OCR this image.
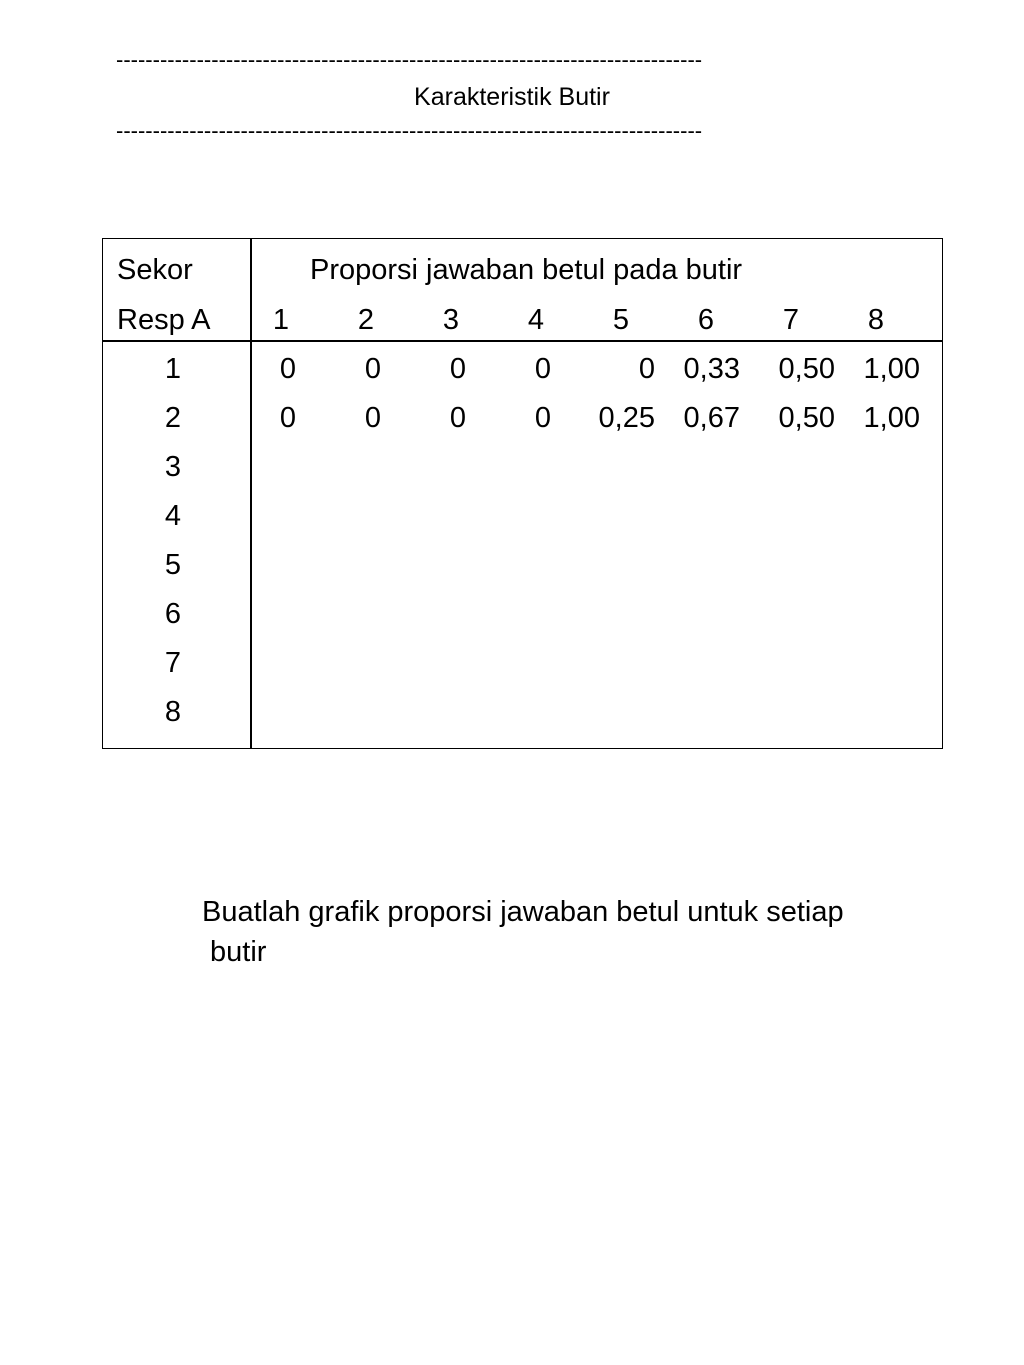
--------------------------------------------------------------------------------
Karakteristik Butir
--------------------------------------------------------------------------------
Sekor	Proporsi jawaban betul pada butir
Resp A 1 2 3 4 5 6 7 8
1	0 0 0 0	0 0,33 0,50 1,00
2	0 0 0 0 0,25 0,67 0,50 1,00
3
4
5
6
7
8
Buatlah grafik proporsi jawaban betul untuk setiap
butir
